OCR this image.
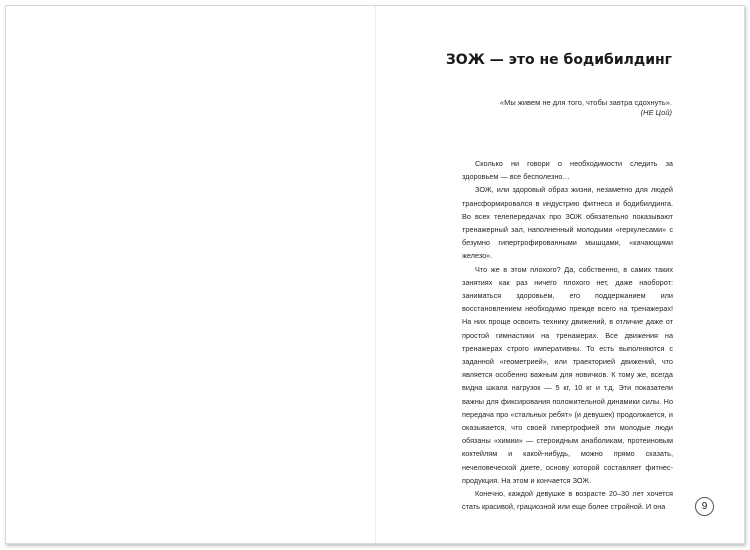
ЗОЖ — это не бодибилдинг
«Мы живем не для того, чтобы завтра сдохнуть».
(НЕ Цой)

Сколько ни говори о необходимости следить за здоровьем — все бесполезно…

ЗОЖ, или здоровый образ жизни, незаметно для людей трансформировался в индустрию фитнеса и бодибилдинга. Во всех телепередачах про ЗОЖ обязательно показывают тренажерный зал, наполненный молодыми «геркулесами» с безумно гипертрофированными мышцами, «качающими железо».

Что же в этом плохого? Да, собственно, в самих таких занятиях как раз ничего плохого нет, даже наоборот: заниматься здоровьем, его поддержанием или восстановлением необходимо прежде всего на тренажерах! На них проще освоить технику движений, в отличие даже от простой гимнастики на тренажерах. Все движения на тренажерах строго императивны. То есть выполняются с заданной «геометрией», или траекторией движений, что является особенно важным для новичков. К тому же, всегда видна шкала нагрузок — 5 кг, 10 кг и т.д. Эти показатели важны для фиксирования положительной динамики силы. Но передача про «стальных ребят» (и девушек) продолжается, и оказывается, что своей гипертрофией эти молодые люди обязаны «химии» — стероидным анаболикам, протеиновым коктейлям и какой-нибудь, можно прямо сказать, нечеловеческой диете, основу которой составляет фитнес-продукция. На этом и кончается ЗОЖ.

Конечно, каждой девушке в возрасте 20–30 лет хочется стать красивой, грациозной или еще более стройной. И она	9
